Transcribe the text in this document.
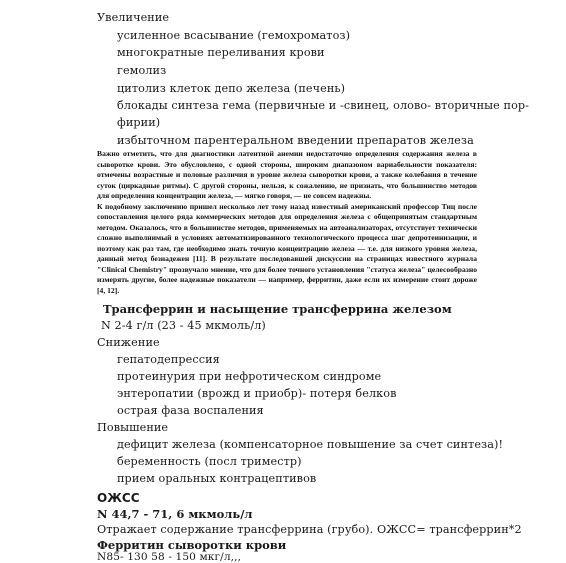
Увеличение
усиленное всасывание (гемохроматоз)
многократные переливания крови
гемолиз
цитолиз клеток депо железа (печень)
блокады синтеза гема (первичные и -свинец, олово- вторичные пор-
фирии)
избыточном парентеральном введении препаратов железа

Важно отметить, что для диагностики латентной анемии недостаточно определения содержания железа в сыворотке крови. Это обусловлено, с одной стороны, широким диапазоном вариабельности показателя: отмечены возрастные и половые различия в уровне железа сыворотки крови, а также колебания в течение суток (циркадные ритмы). С другой стороны, нельзя, к сожалению, не признать, что большинство методов для определения концентрации железа, — мягко говоря, — не совсем надежны.

К подобному заключению пришел несколько лет тому назад известный американский профессор Тиц после сопоставления целого ряда коммерческих методов для определения железа с общепринятым стандартным методом. Оказалось, что в большинстве методов, применяемых на автоанализаторах, отсутствует технически сложно выполнимый в условиях автоматизированного технологического процесса шаг депротеинизации, и поэтому как раз там, где необходимо знать точную концентрацию железа — т.е. для низкого уровня железа, данный метод безнадежен [11]. В результате последовавшей дискуссии на страницах известного журнала "Clinical Chemistry" прозвучало мнение, что для более точного установления "статуса железа" целесообразно измерять другие, более надежные показатели — например, ферритин, даже если их измерение стоит дороже [4, 12].

Трансферрин и насыщение трансферрина железом
N 2-4 г/л (23 - 45 мкмоль/л)
Снижение
гепатодепрессия
протеинурия при нефротическом синдроме
энтеропатии (врожд и приобр)- потеря белков
острая фаза воспаления
Повышение
дефицит железа (компенсаторное повышение за счет синтеза)!
беременность (посл триместр)
прием оральных контрацептивов
ОЖСС
N 44,7 - 71, 6 мкмоль/л
Отражает содержание трансферрина (грубо). ОЖСС= трансферрин*2
Ферритин сыворотки крови
N85- 130 58 - 150 мкг/л,,,
